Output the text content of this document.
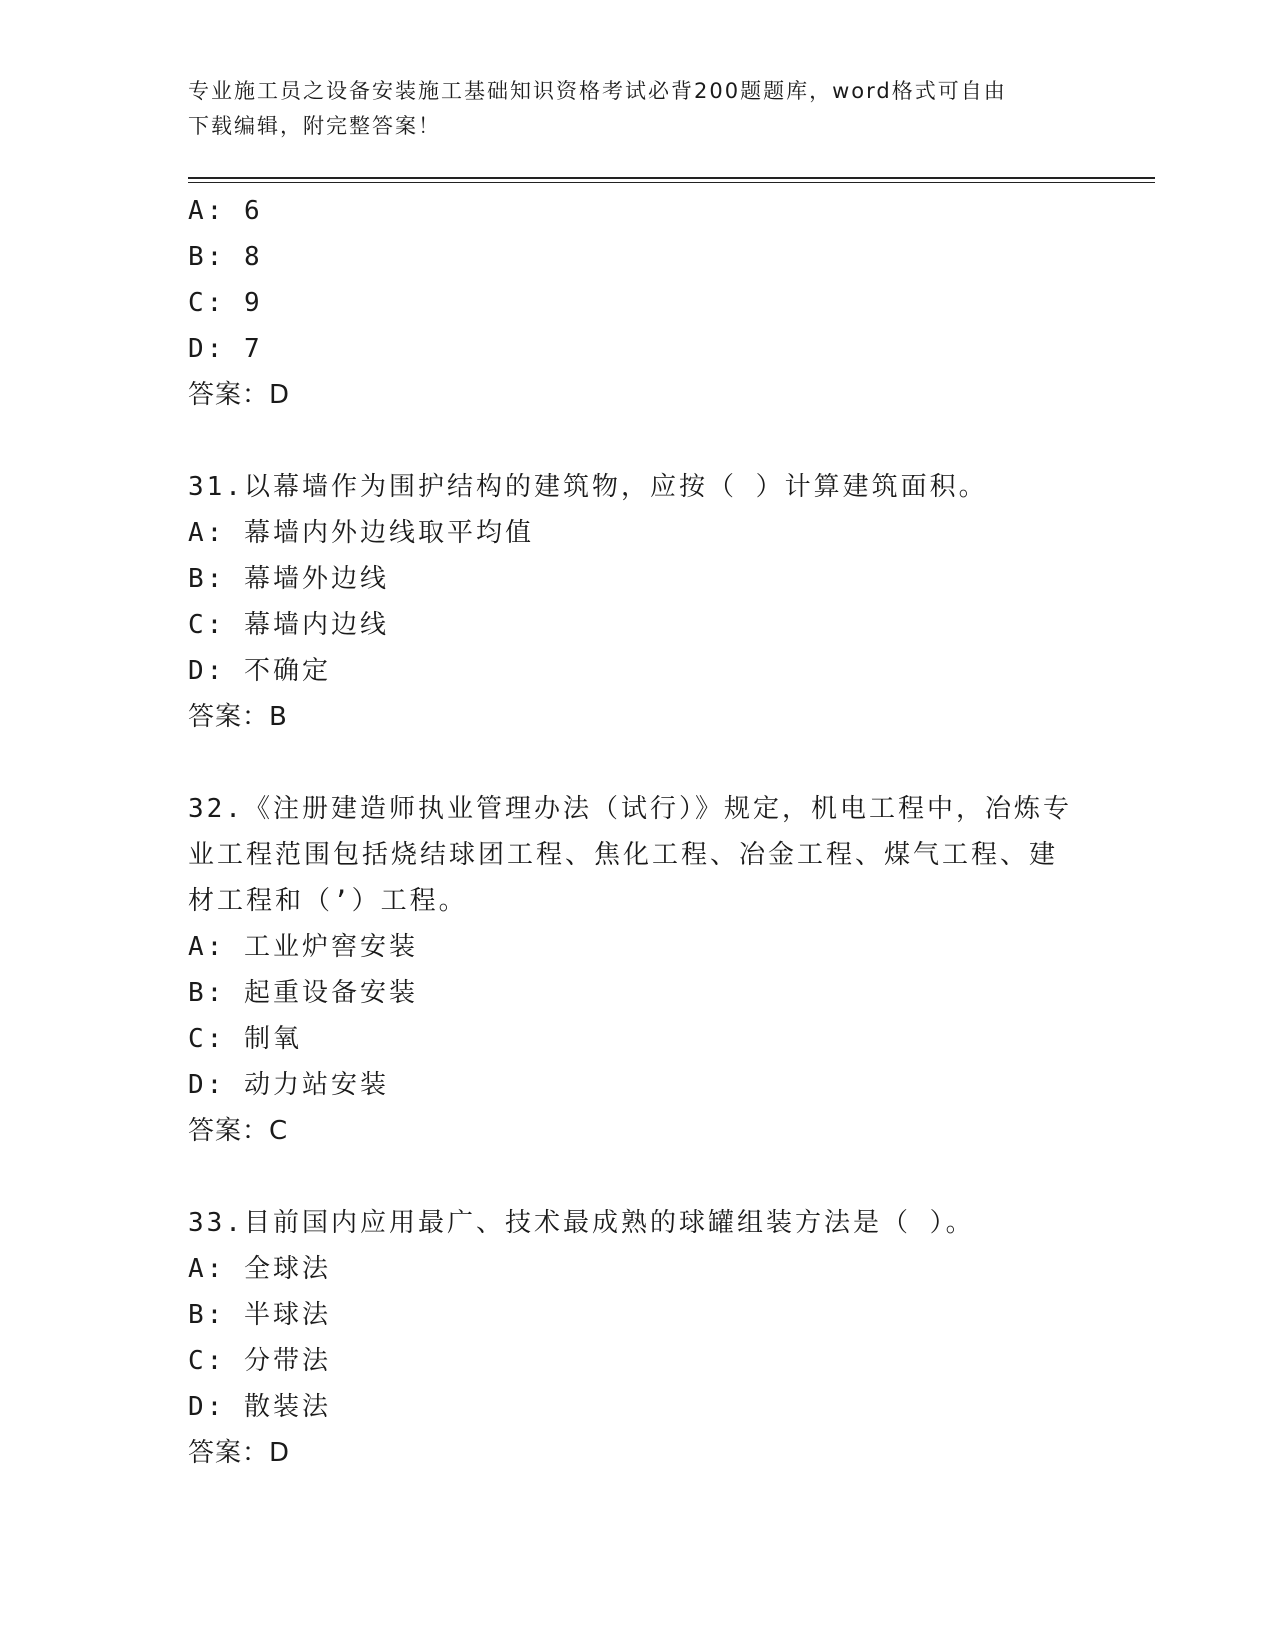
专业施工员之设备安装施工基础知识资格考试必背200题题库，word格式可自由
下载编辑，附完整答案！

A: 6

B: 8

C: 9

D: 7

答案：D

31.以幕墙作为围护结构的建筑物，应按（ ）计算建筑面积。

A: 幕墙内外边线取平均值

B: 幕墙外边线

C: 幕墙内边线

D: 不确定

答案：B

32.《注册建造师执业管理办法（试行）》规定，机电工程中，冶炼专

业工程范围包括烧结球团工程、焦化工程、冶金工程、煤气工程、建

材工程和（’）工程。

A: 工业炉窖安装

B: 起重设备安装

C: 制氧

D: 动力站安装

答案：C

33.目前国内应用最广、技术最成熟的球罐组装方法是（ ）。

A: 全球法

B: 半球法

C: 分带法

D: 散装法

答案：D
